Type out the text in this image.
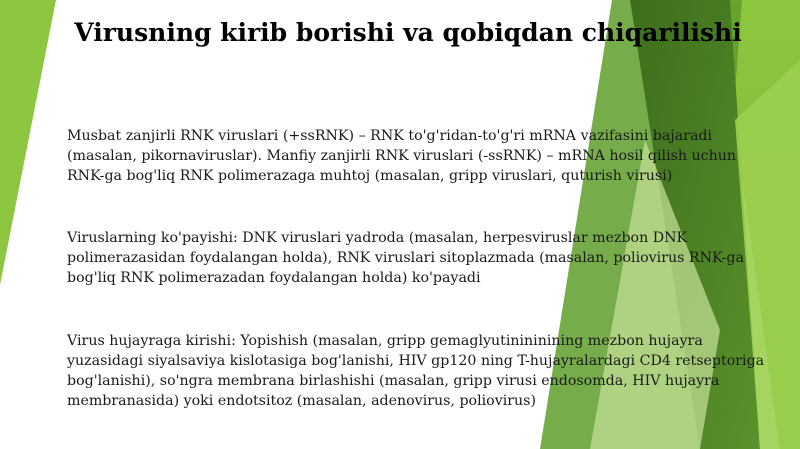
Virusning kirib borishi va qobiqdan chiqarilishi

Musbat zanjirli RNK viruslari (+ssRNK) – RNK to'g'ridan-to'g'ri mRNA vazifasini bajaradi (masalan, pikornaviruslar). Manfiy zanjirli RNK viruslari (-ssRNK) – mRNA hosil qilish uchun RNK-ga bog'liq RNK polimerazaga muhtoj (masalan, gripp viruslari, quturish virusi)

Viruslarning ko'payishi: DNK viruslari yadroda (masalan, herpesviruslar mezbon DNK polimerazasidan foydalangan holda), RNK viruslari sitoplazmada (masalan, poliovirus RNK-ga bog'liq RNK polimerazadan foydalangan holda) ko'payadi

Virus hujayraga kirishi: Yopishish (masalan, gripp gemaglyutinininining mezbon hujayra yuzasidagi siyalsaviya kislotasiga bog'lanishi, HIV gp120 ning T-hujayralardagi CD4 retseptoriga bog'lanishi), so'ngra membrana birlashishi (masalan, gripp virusi endosomda, HIV hujayra membranasida) yoki endotsitoz (masalan, adenovirus, poliovirus)
